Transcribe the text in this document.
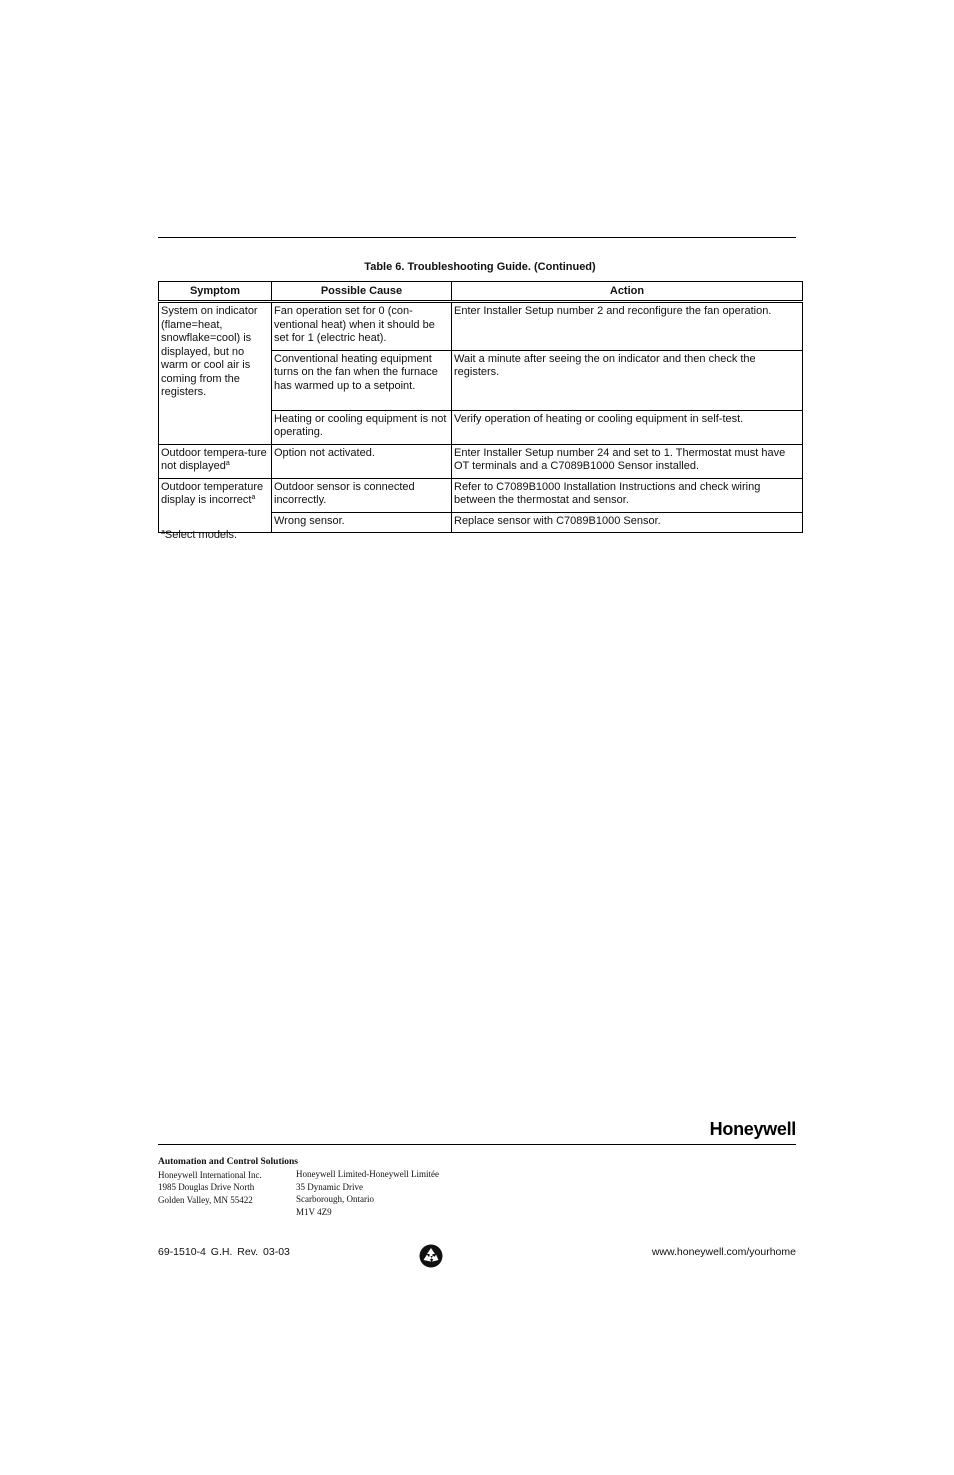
Table 6. Troubleshooting Guide. (Continued)
Symptom	Possible Cause	Action
System on indicator (flame=heat, snowflake=cool) is displayed, but no warm or cool air is coming from the registers.	Fan operation set for 0 (con-ventional heat) when it should be set for 1 (electric heat).	Enter Installer Setup number 2 and reconfigure the fan operation.
	Conventional heating equipment turns on the fan when the furnace has warmed up to a setpoint.	Wait a minute after seeing the on indicator and then check the registers.
	Heating or cooling equipment is not operating.	Verify operation of heating or cooling equipment in self-test.
Outdoor tempera-ture not displayed$^a$	Option not activated.	Enter Installer Setup number 24 and set to 1. Thermostat must have OT terminals and a C7089B1000 Sensor installed.
Outdoor temperature display is incorrect$^a$	Outdoor sensor is connected incorrectly.	Refer to C7089B1000 Installation Instructions and check wiring between the thermostat and sensor.
	Wrong sensor.	Replace sensor with C7089B1000 Sensor.
$^a$Select models.
Honeywell
Automation and Control Solutions
Honeywell International Inc.
1985 Douglas Drive North
Golden Valley, MN 55422
Honeywell Limited-Honeywell Limitée
35 Dynamic Drive
Scarborough, Ontario
M1V 4Z9
69-1510-4 G.H. Rev. 03-03	www.honeywell.com/yourhome
